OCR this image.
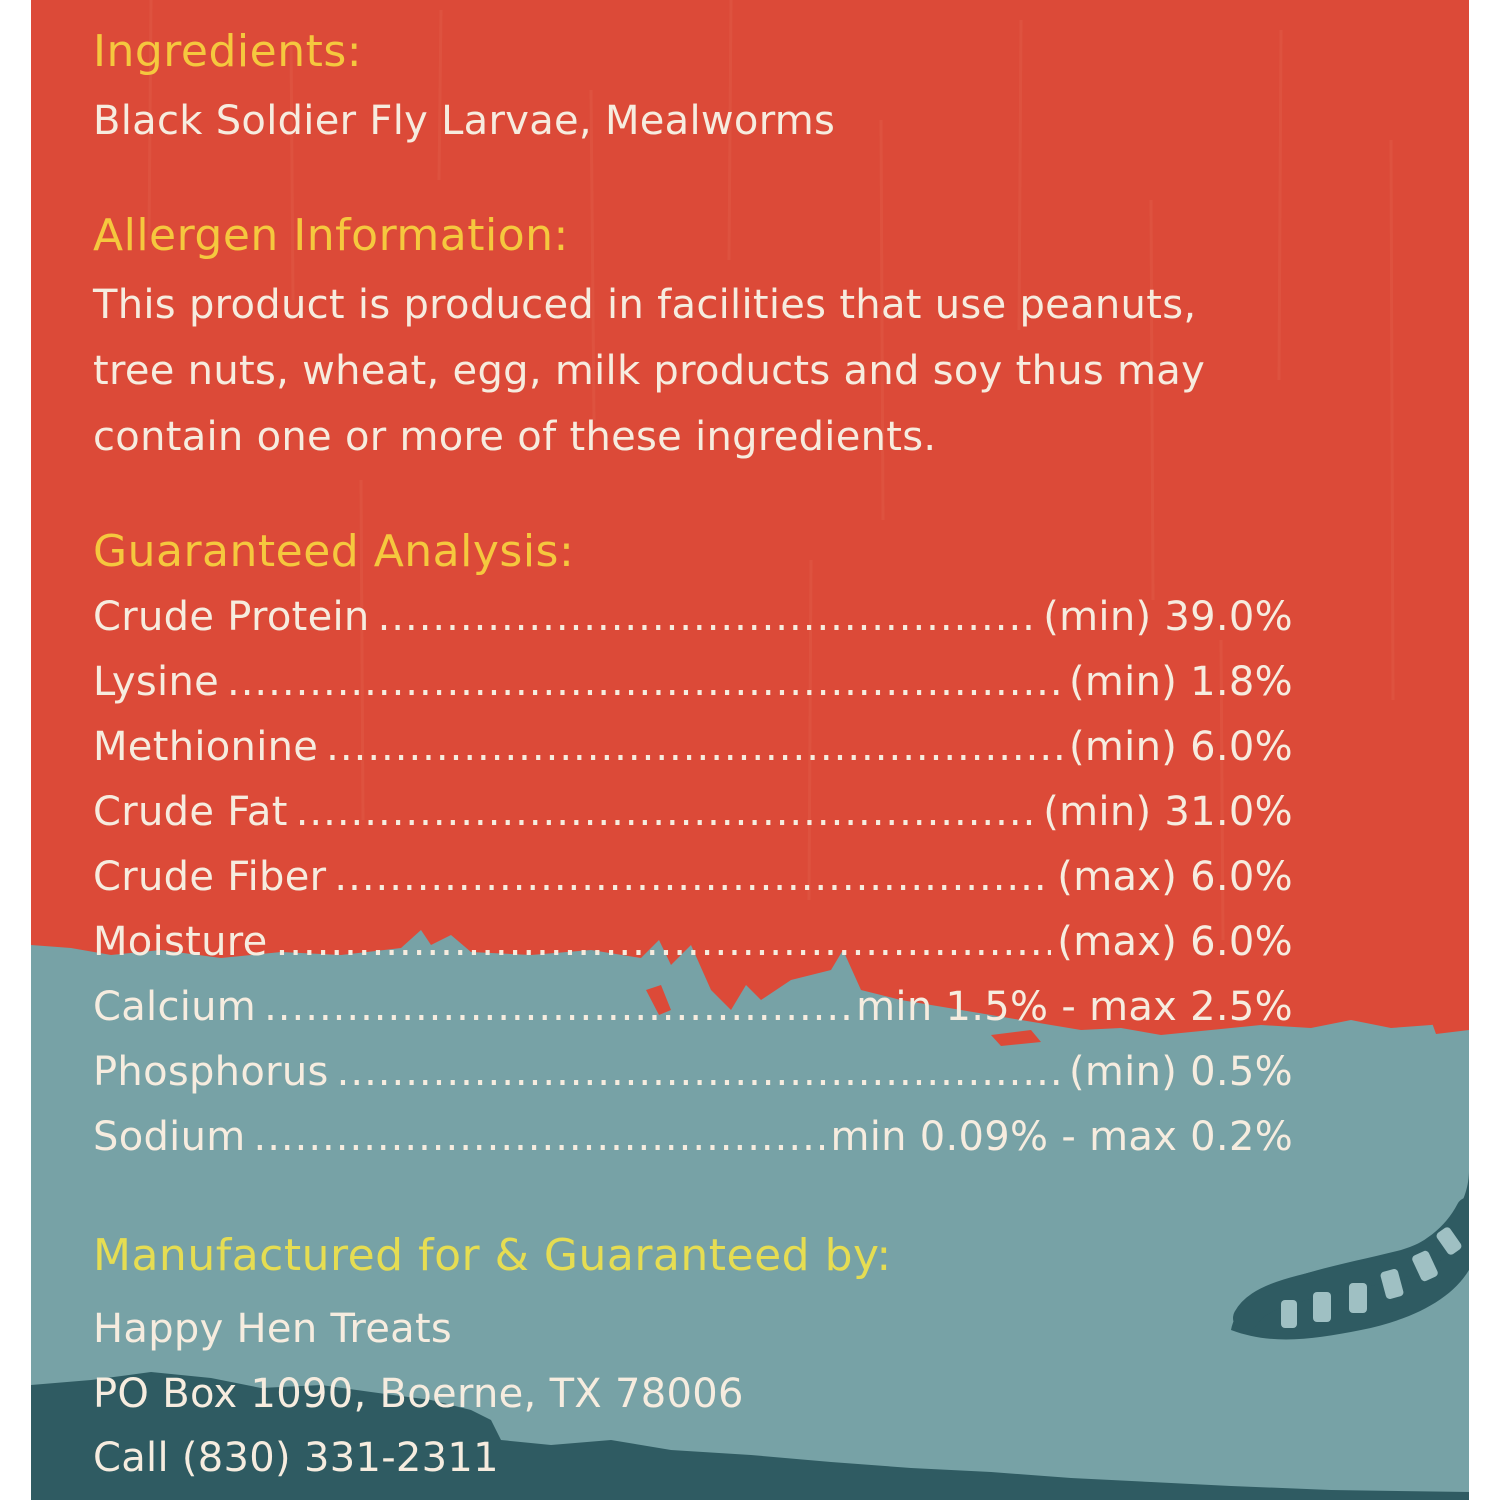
Ingredients:
Black Soldier Fly Larvae, Mealworms
Allergen Information:
This product is produced in facilities that use peanuts,
tree nuts, wheat, egg, milk products and soy thus may
contain one or more of these ingredients.
Guaranteed Analysis:
Crude Protein .....	(min) 39.0%
Lysine .....	(min) 1.8%
Methionine .....	(min) 6.0%
Crude Fat .....	(min) 31.0%
Crude Fiber .....	(max) 6.0%
Moisture .....	(max) 6.0%
Calcium .....	min 1.5% - max 2.5%
Phosphorus .....	(min) 0.5%
Sodium .....	min 0.09% - max 0.2%
Manufactured for & Guaranteed by:
Happy Hen Treats
PO Box 1090, Boerne, TX 78006
Call (830) 331-2311
